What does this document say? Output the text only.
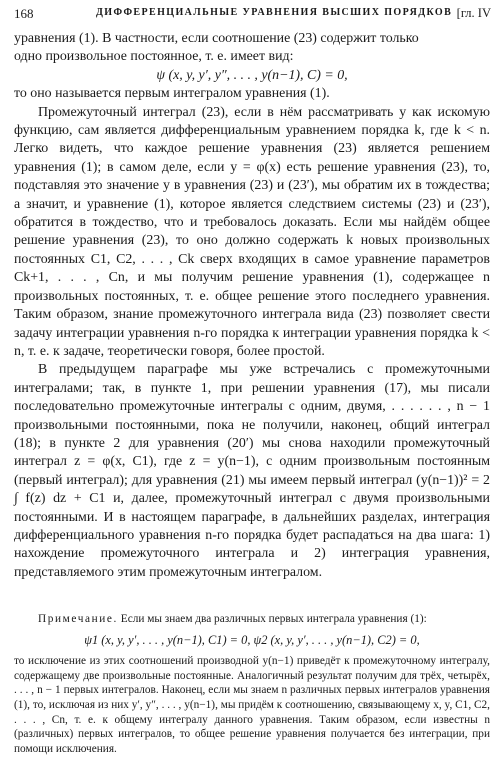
168	ДИФФЕРЕНЦИАЛЬНЫЕ УРАВНЕНИЯ ВЫСШИХ ПОРЯДКОВ [гл. IV

уравнения (1). В частности, если соотношение (23) содержит только

одно произвольное постоянное, т. е. имеет вид:

ψ (x, y, y′, y″, . . . , y(n−1), C) = 0,

то оно называется первым интегралом уравнения (1).

Промежуточный интеграл (23), если в нём рассматривать y как искомую функцию, сам является дифференциальным уравнением порядка k, где k < n. Легко видеть, что каждое решение уравнения (23) является решением уравнения (1); в самом деле, если y = φ(x) есть решение уравнения (23), то, подставляя это значение y в уравнения (23) и (23′), мы обратим их в тождества; а значит, и уравнение (1), которое является следствием системы (23) и (23′), обратится в тождество, что и требовалось доказать. Если мы найдём общее решение уравнения (23), то оно должно содержать k новых произвольных постоянных C1, C2, . . . , Ck сверх входящих в самое уравнение параметров Ck+1, . . . , Cn, и мы получим решение уравнения (1), содержащее n произвольных постоянных, т. е. общее решение этого последнего уравнения. Таким образом, знание промежуточного интеграла вида (23) позволяет свести задачу интеграции уравнения n-го порядка к интеграции уравнения порядка k < n, т. е. к задаче, теоретически говоря, более простой.

В предыдущем параграфе мы уже встречались с промежуточными интегралами; так, в пункте 1, при решении уравнения (17), мы писали последовательно промежуточные интегралы с одним, двумя, . . . . . . , n − 1 произвольными постоянными, пока не получили, наконец, общий интеграл (18); в пункте 2 для уравнения (20′) мы снова находили промежуточный интеграл z = φ(x, C1), где z = y(n−1), с одним произвольным постоянным (первый интеграл); для уравнения (21) мы имеем первый интеграл (y(n−1))² = 2 ∫ f(z) dz + C1 и, далее, промежуточный интеграл с двумя произвольными постоянными. И в настоящем параграфе, в дальнейших разделах, интеграция дифференциального уравнения n-го порядка будет распадаться на два шага: 1) нахождение промежуточного интеграла и 2) интеграция уравнения, представляемого этим промежуточным интегралом.

Примечание. Если мы знаем два различных первых интеграла уравнения (1):

ψ1 (x, y, y′, . . . , y(n−1), C1) = 0, ψ2 (x, y, y′, . . . , y(n−1), C2) = 0,

то исключение из этих соотношений производной y(n−1) приведёт к промежуточному интегралу, содержащему две произвольные постоянные. Аналогичный результат получим для трёх, четырёх, . . . , n − 1 первых интегралов. Наконец, если мы знаем n различных первых интегралов уравнения (1), то, исключая из них y′, y″, . . . , y(n−1), мы придём к соотношению, связывающему x, y, C1, C2, . . . , Cn, т. е. к общему интегралу данного уравнения. Таким образом, если известны n (различных) первых интегралов, то общее решение уравнения получается без интеграции, при помощи исключения.
